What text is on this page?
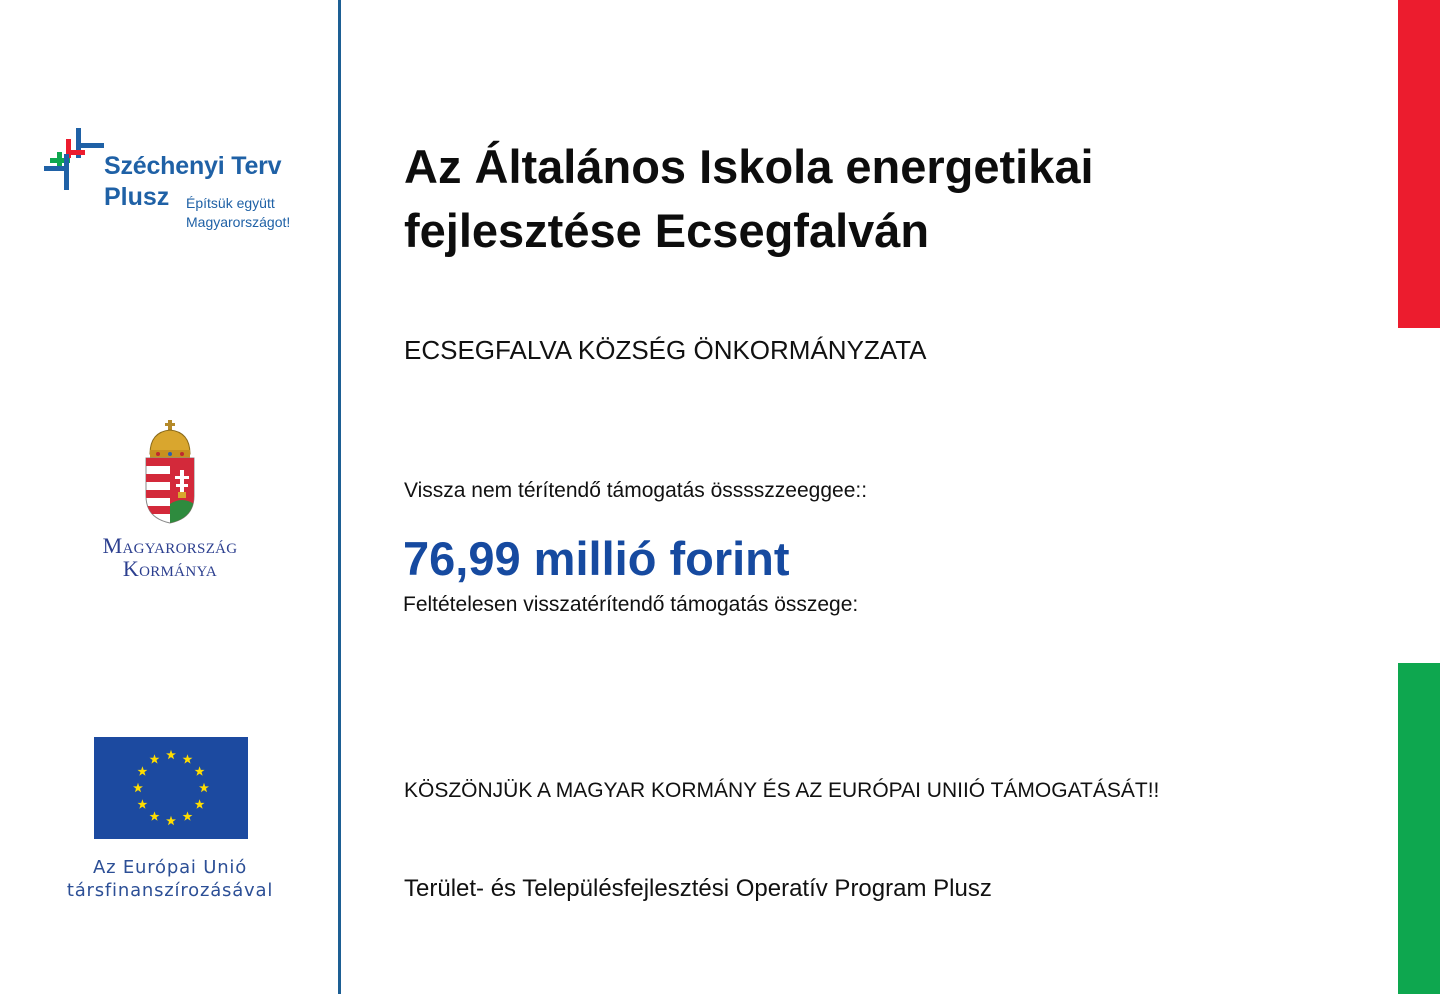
Széchenyi Terv
Plusz Építsük együtt
Magyarországot!
Magyarország
Kormánya
Az Európai Unió
társfinanszírozásával
Az Általános Iskola energetikai
fejlesztése Ecsegfalván
ECSEGFALVA KÖZSÉG ÖNKORMÁNYZATA
Vissza nem térítendő támogatás össsszzeeggee::
76,99 millió forint
Feltételesen visszatérítendő támogatás összege:
KÖSZÖNJÜK A MAGYAR KORMÁNY ÉS AZ EURÓPAI UNIIÓ TÁMOGATÁSÁT!!
Terület- és Településfejlesztési Operatív Program Plusz
